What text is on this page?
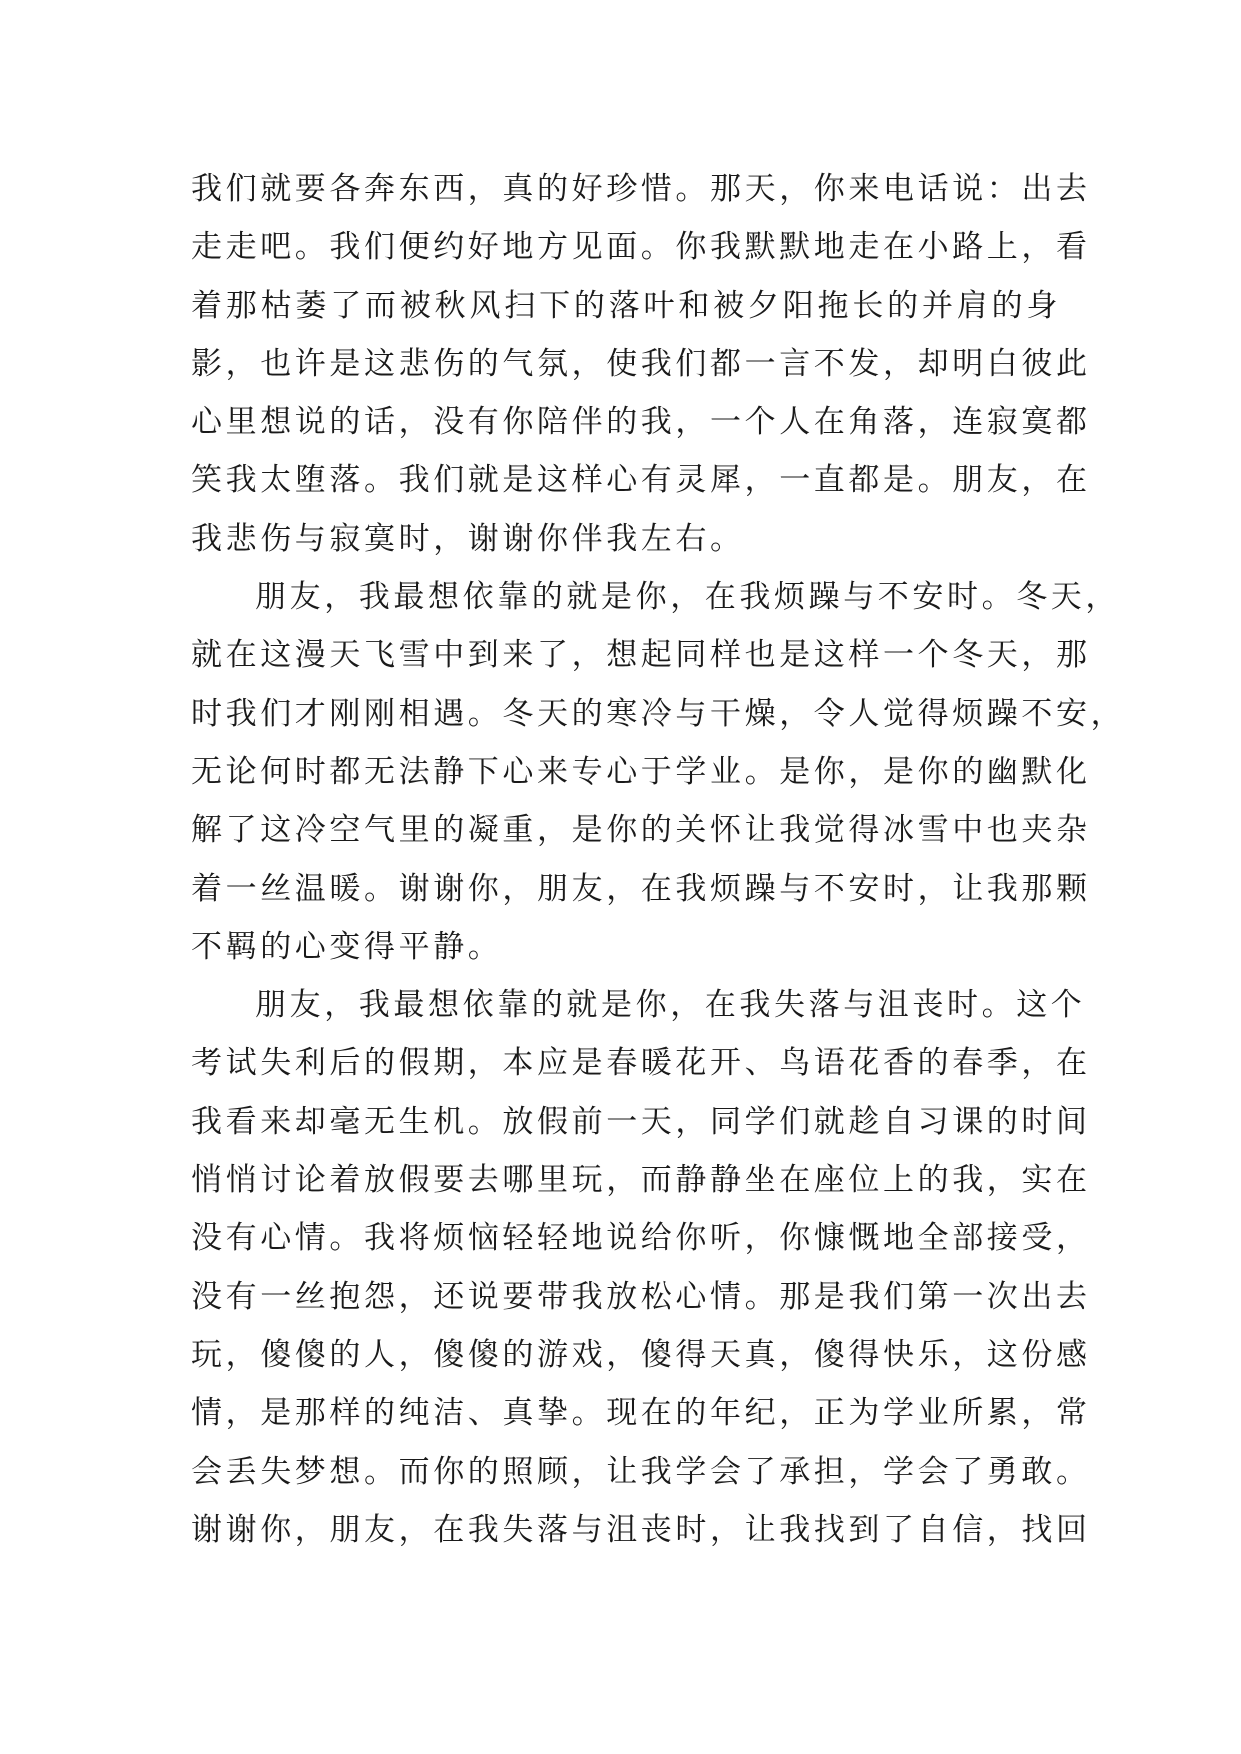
我们就要各奔东西，真的好珍惜。那天，你来电话说：出去
走走吧。我们便约好地方见面。你我默默地走在小路上，看
着那枯萎了而被秋风扫下的落叶和被夕阳拖长的并肩的身
影，也许是这悲伤的气氛，使我们都一言不发，却明白彼此
心里想说的话，没有你陪伴的我，一个人在角落，连寂寞都
笑我太堕落。我们就是这样心有灵犀，一直都是。朋友，在
我悲伤与寂寞时，谢谢你伴我左右。
朋友，我最想依靠的就是你，在我烦躁与不安时。冬天，
就在这漫天飞雪中到来了，想起同样也是这样一个冬天，那
时我们才刚刚相遇。冬天的寒冷与干燥，令人觉得烦躁不安，
无论何时都无法静下心来专心于学业。是你，是你的幽默化
解了这冷空气里的凝重，是你的关怀让我觉得冰雪中也夹杂
着一丝温暖。谢谢你，朋友，在我烦躁与不安时，让我那颗
不羁的心变得平静。
朋友，我最想依靠的就是你，在我失落与沮丧时。这个
考试失利后的假期，本应是春暖花开、鸟语花香的春季，在
我看来却毫无生机。放假前一天，同学们就趁自习课的时间
悄悄讨论着放假要去哪里玩，而静静坐在座位上的我，实在
没有心情。我将烦恼轻轻地说给你听，你慷慨地全部接受，
没有一丝抱怨，还说要带我放松心情。那是我们第一次出去
玩，傻傻的人，傻傻的游戏，傻得天真，傻得快乐，这份感
情，是那样的纯洁、真挚。现在的年纪，正为学业所累，常
会丢失梦想。而你的照顾，让我学会了承担，学会了勇敢。
谢谢你，朋友，在我失落与沮丧时，让我找到了自信，找回
